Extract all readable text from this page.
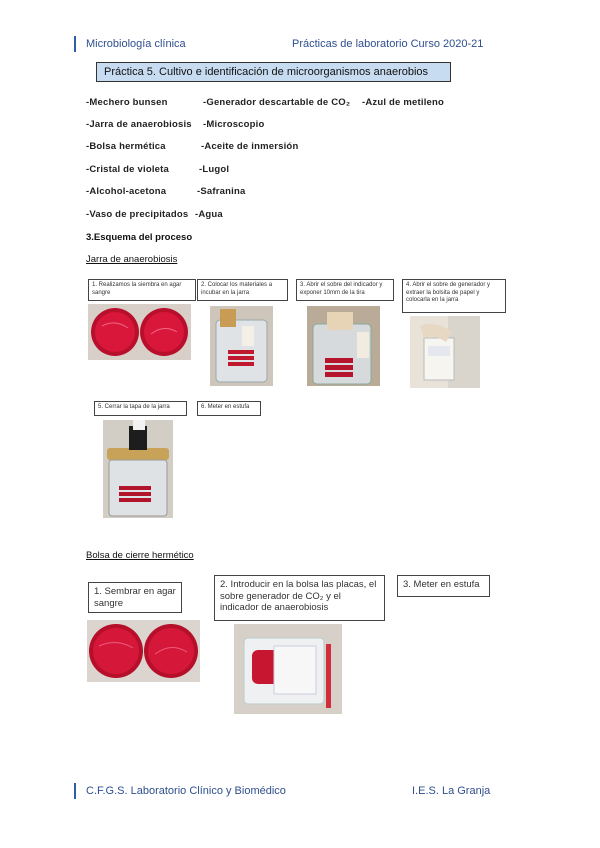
Microbiología clínica	Prácticas de laboratorio Curso 2020-21
Práctica 5. Cultivo e identificación de microorganismos anaerobios
-Mechero bunsen	-Generador descartable de CO₂ -Azul de metileno
-Jarra de anaerobiosis -Microscopio
-Bolsa hermética	-Aceite de inmersión
-Cristal de violeta	-Lugol
-Alcohol-acetona	-Safranina
-Vaso de precipitados -Agua
3.Esquema del proceso
Jarra de anaerobiosis
1. Realizamos la siembra en agar sangre
2. Colocar los materiales a incubar en la jarra
3. Abrir el sobre del indicador y exponer 10mm de la tira
4. Abrir el sobre de generador y extraer la bolsita de papel y colocarla en la jarra
5. Cerrar la tapa de la jarra	6. Meter en estufa
Bolsa de cierre hermético
1. Sembrar en agar sangre
2. Introducir en la bolsa las placas, el sobre generador de CO₂ y el indicador de anaerobiosis
3. Meter en estufa
C.F.G.S. Laboratorio Clínico y Biomédico	I.E.S. La Granja
